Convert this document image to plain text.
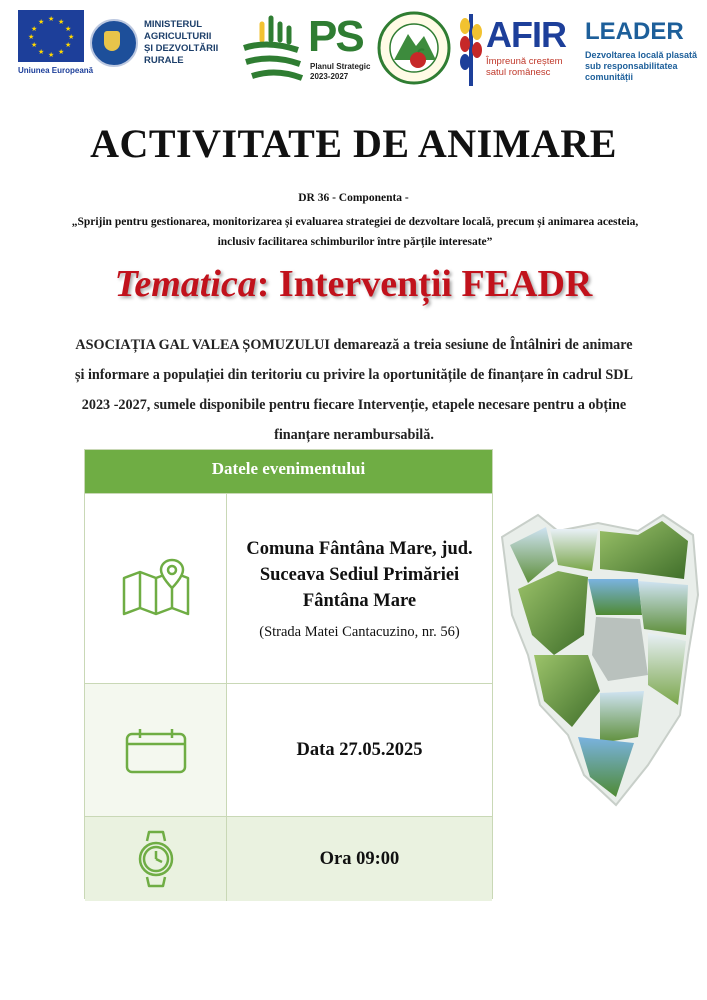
★ ★
★
★
★
★
★
★
★
★
★
★
Uniunea Europeană
MINISTERUL AGRICULTURII
ȘI DEZVOLTĂRII RURALE	PS
Planul Strategic
2023-2027
AFIR
Împreună creștem
satul românesc
LEADER
Dezvoltarea locală plasată sub responsabilitatea comunității
ACTIVITATE DE ANIMARE
DR 36 - Componenta -
„Sprijin pentru gestionarea, monitorizarea și evaluarea strategiei de dezvoltare locală, precum și animarea acesteia, inclusiv facilitarea schimburilor între părțile interesate”
Tematica: Intervenții FEADR
ASOCIAȚIA GAL VALEA ȘOMUZULUI demarează a treia sesiune de Întâlniri de animare și informare a populației din teritoriu cu privire la oportunitățile de finanțare în cadrul SDL 2023 -2027, sumele disponibile pentru fiecare Intervenție, etapele necesare pentru a obține finanțare nerambursabilă.
Datele evenimentului
Comuna Fântâna Mare, jud. Suceava Sediul Primăriei Fântâna Mare
(Strada Matei Cantacuzino, nr. 56)
Data 27.05.2025
Ora 09:00
